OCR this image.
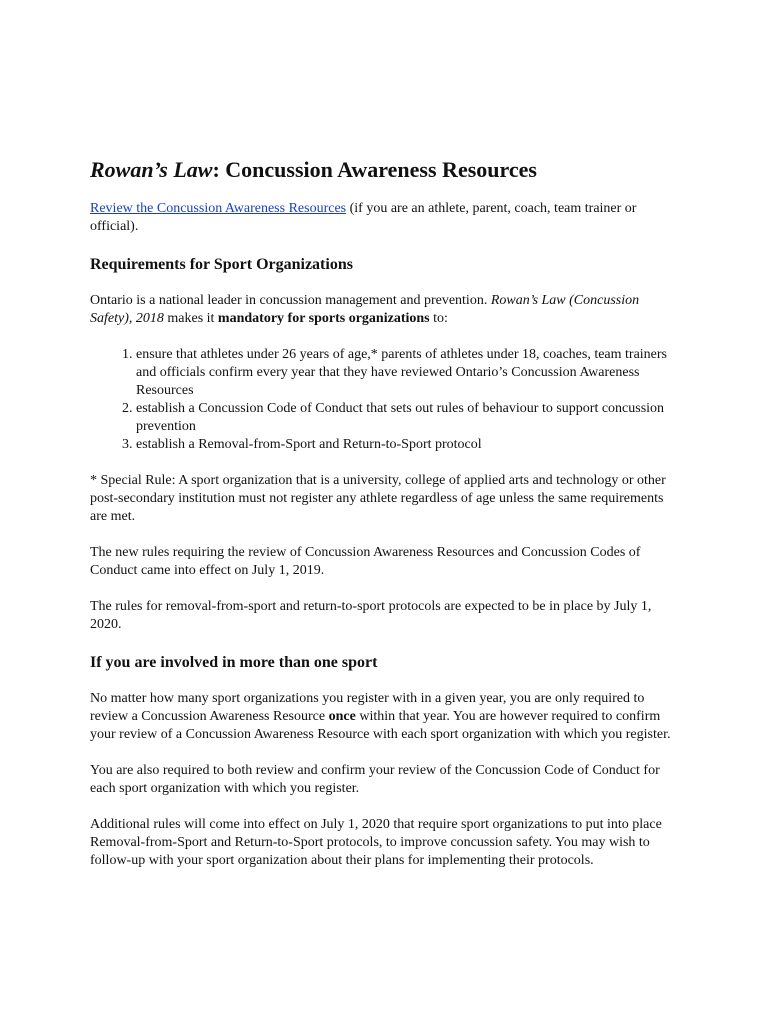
Rowan’s Law: Concussion Awareness Resources

Review the Concussion Awareness Resources (if you are an athlete, parent, coach, team trainer or official).

Requirements for Sport Organizations

Ontario is a national leader in concussion management and prevention. Rowan’s Law (Concussion Safety), 2018 makes it mandatory for sports organizations to:

1. ensure that athletes under 26 years of age,* parents of athletes under 18, coaches, team trainers and officials confirm every year that they have reviewed Ontario’s Concussion Awareness Resources
2. establish a Concussion Code of Conduct that sets out rules of behaviour to support concussion prevention
3. establish a Removal-from-Sport and Return-to-Sport protocol

* Special Rule: A sport organization that is a university, college of applied arts and technology or other post-secondary institution must not register any athlete regardless of age unless the same requirements are met.

The new rules requiring the review of Concussion Awareness Resources and Concussion Codes of Conduct came into effect on July 1, 2019.

The rules for removal-from-sport and return-to-sport protocols are expected to be in place by July 1, 2020.

If you are involved in more than one sport

No matter how many sport organizations you register with in a given year, you are only required to review a Concussion Awareness Resource once within that year. You are however required to confirm your review of a Concussion Awareness Resource with each sport organization with which you register.

You are also required to both review and confirm your review of the Concussion Code of Conduct for each sport organization with which you register.

Additional rules will come into effect on July 1, 2020 that require sport organizations to put into place Removal-from-Sport and Return-to-Sport protocols, to improve concussion safety. You may wish to follow-up with your sport organization about their plans for implementing their protocols.
